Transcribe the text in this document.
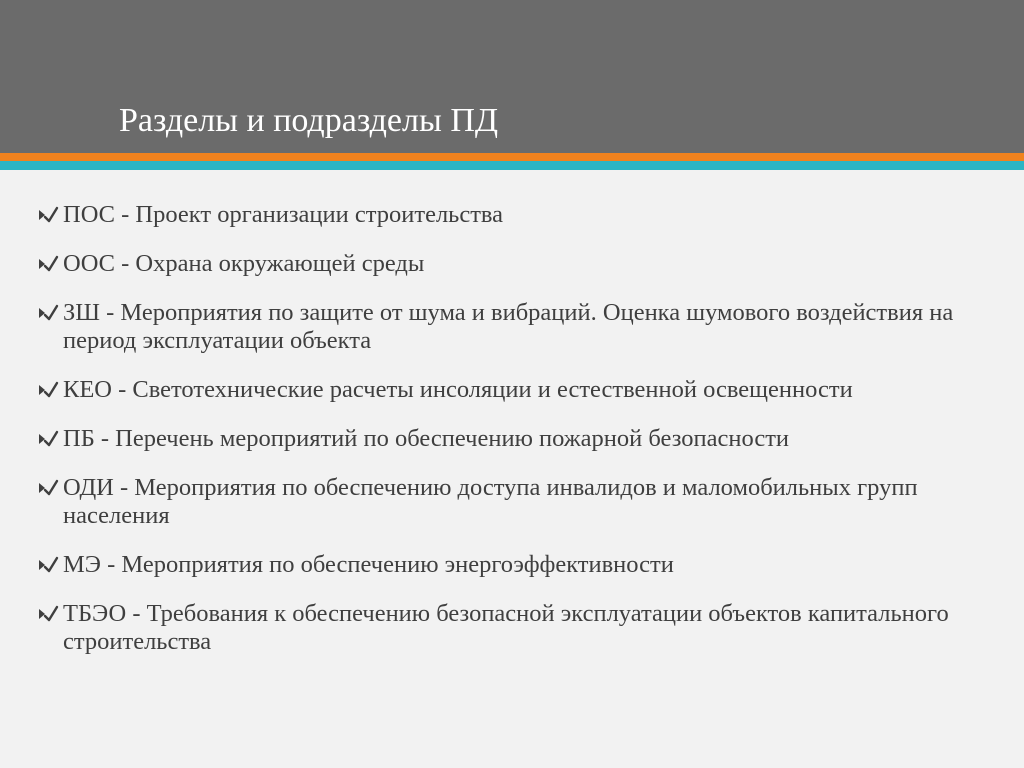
Разделы и подразделы ПД
ПОС - Проект организации строительства
ООС - Охрана окружающей среды
ЗШ - Мероприятия по защите от шума и вибраций. Оценка шумового воздействия на период эксплуатации объекта
КЕО - Светотехнические расчеты инсоляции и естественной освещенности
ПБ - Перечень мероприятий по обеспечению пожарной безопасности
ОДИ - Мероприятия по обеспечению доступа инвалидов и маломобильных групп населения
МЭ - Мероприятия по обеспечению энергоэффективности
ТБЭО - Требования к обеспечению безопасной эксплуатации объектов капитального строительства
